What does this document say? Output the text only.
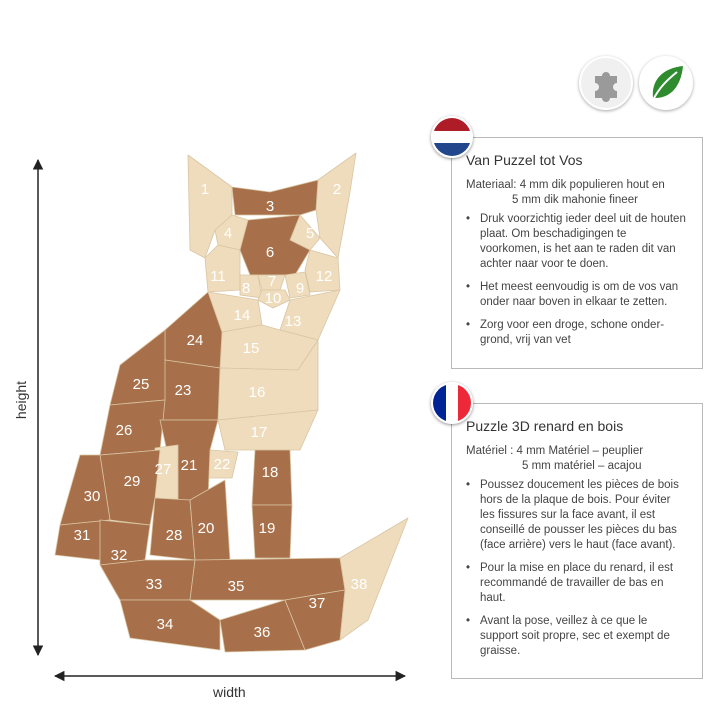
1	2
3
4	5
6
7
8	9
10
11	12
13
14
15
16
17
18
19
20
21 22
23
24
25
26
27
28
29
30
31
32
33
34
35
36
37
38
height
width
Van Puzzel tot Vos
Materiaal: 4 mm dik populieren hout en
5 mm dik mahonie fineer
• Druk voorzichtig ieder deel uit de houten plaat. Om beschadigingen te voorkomen, is het aan te raden dit van achter naar voor te doen.
• Het meest eenvoudig is om de vos van onder naar boven in elkaar te zetten.
• Zorg voor een droge, schone onder- grond, vrij van vet
Puzzle 3D renard en bois
Matériel : 4 mm Matériel – peuplier
5 mm matériel – acajou
• Poussez doucement les pièces de bois hors de la plaque de bois. Pour éviter les fissures sur la face avant, il est conseillé de pousser les pièces du bas (face arrière) vers le haut (face avant).
• Pour la mise en place du renard, il est recommandé de travailler de bas en haut.
• Avant la pose, veillez à ce que le support soit propre, sec et exempt de graisse.
